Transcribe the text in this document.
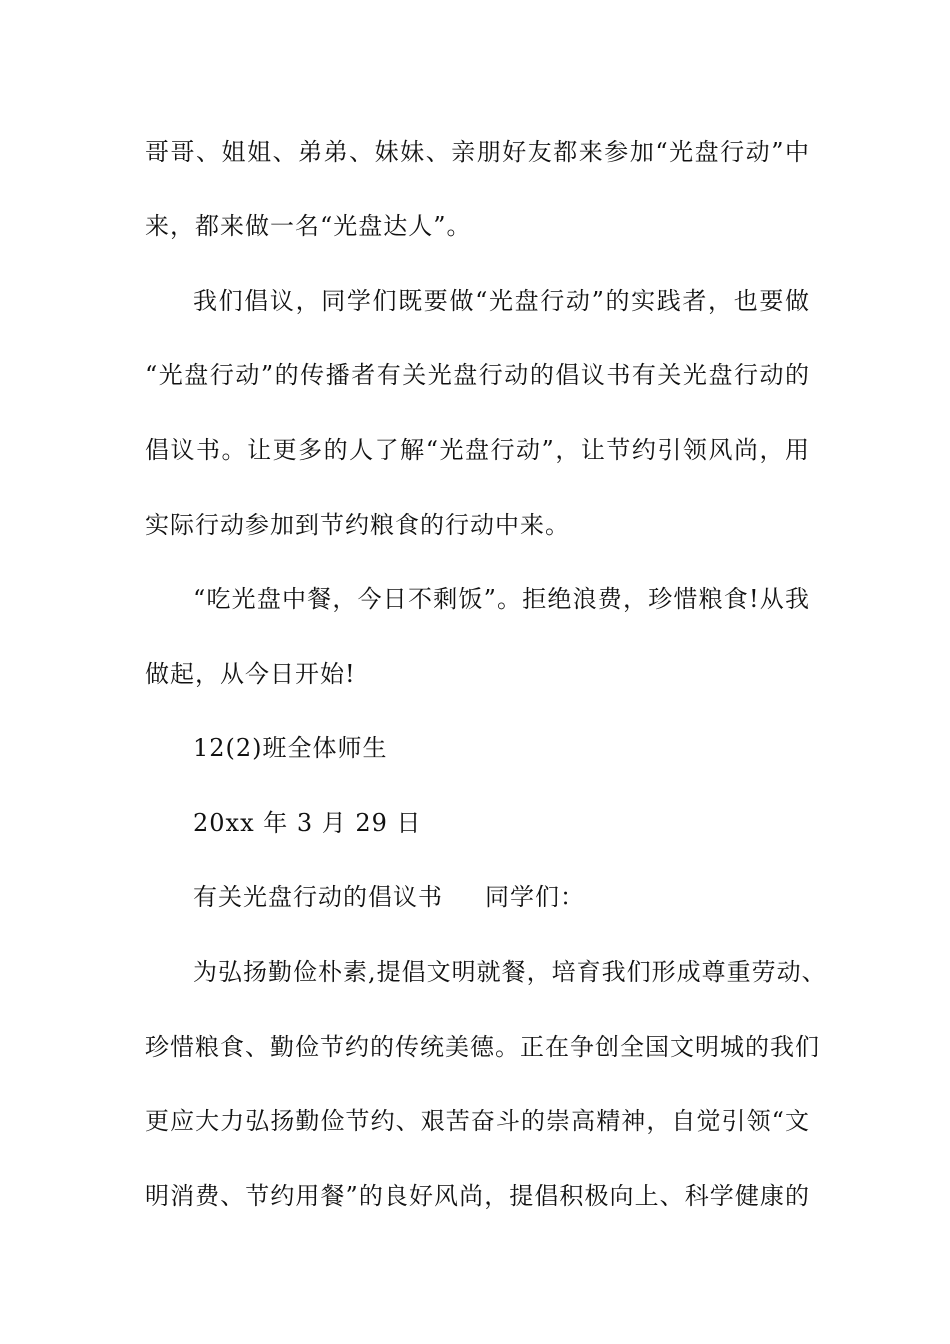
哥哥、姐姐、弟弟、妹妹、亲朋好友都来参加“光盘行动”中
来，都来做一名“光盘达人”。
我们倡议，同学们既要做“光盘行动”的实践者，也要做
“光盘行动”的传播者有关光盘行动的倡议书有关光盘行动的
倡议书。让更多的人了解“光盘行动”，让节约引领风尚，用
实际行动参加到节约粮食的行动中来。
“吃光盘中餐，今日不剩饭”。拒绝浪费，珍惜粮食!从我
做起，从今日开始!
12(2)班全体师生
20xx 年 3 月 29 日
有关光盘行动的倡议书 同学们：
为弘扬勤俭朴素,提倡文明就餐，培育我们形成尊重劳动、
珍惜粮食、勤俭节约的传统美德。正在争创全国文明城的我们
更应大力弘扬勤俭节约、艰苦奋斗的崇高精神，自觉引领“文
明消费、节约用餐”的良好风尚，提倡积极向上、科学健康的
